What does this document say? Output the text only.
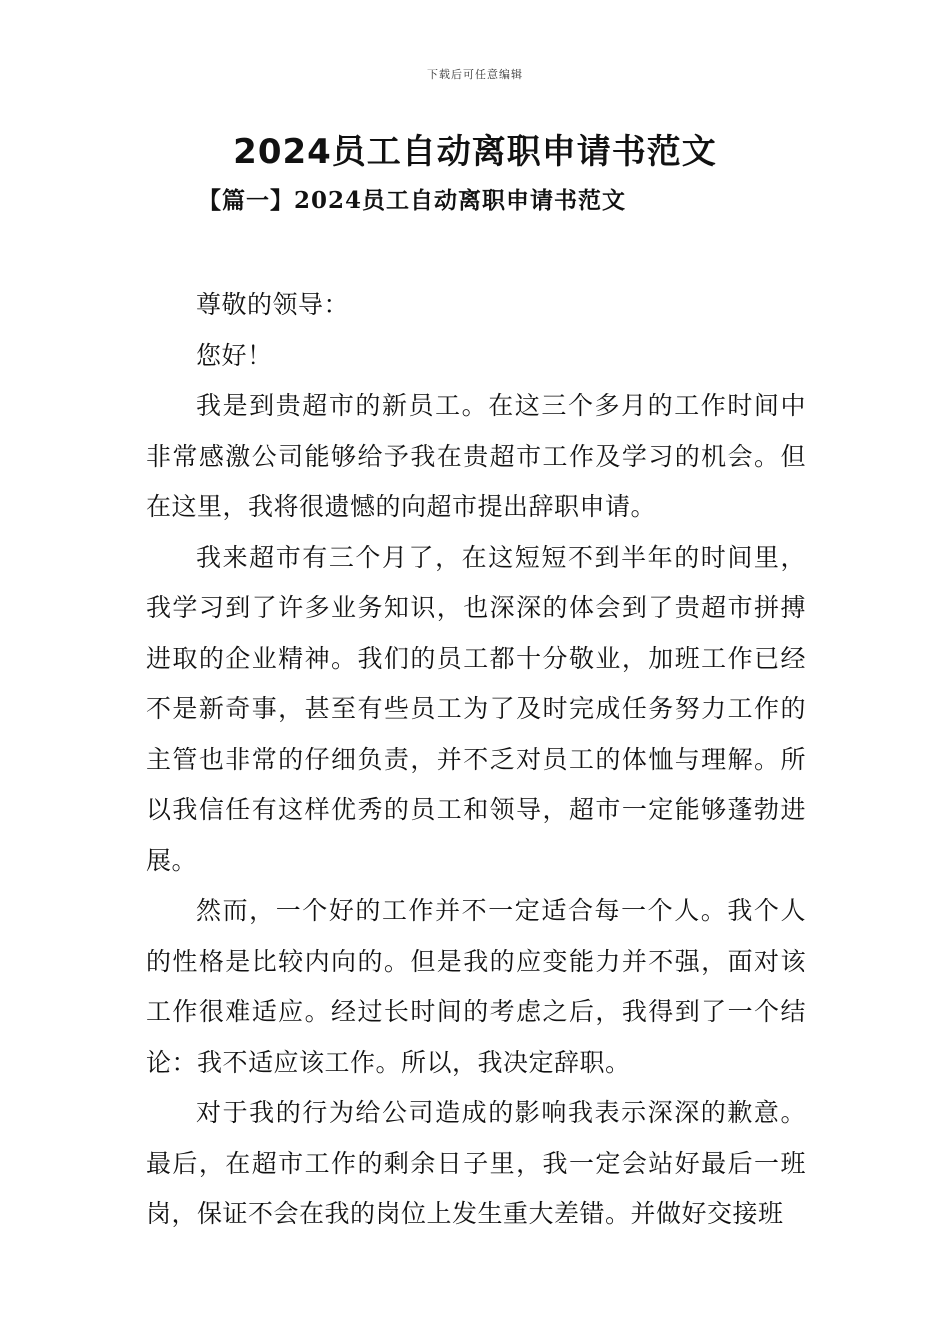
下载后可任意编辑
2024员工自动离职申请书范文
【篇一】2024员工自动离职申请书范文

尊敬的领导：

您好！

我是到贵超市的新员工。在这三个多月的工作时间中非常感激公司能够给予我在贵超市工作及学习的机会。但在这里，我将很遗憾的向超市提出辞职申请。

我来超市有三个月了，在这短短不到半年的时间里，我学习到了许多业务知识，也深深的体会到了贵超市拼搏进取的企业精神。我们的员工都十分敬业，加班工作已经不是新奇事，甚至有些员工为了及时完成任务努力工作的主管也非常的仔细负责，并不乏对员工的体恤与理解。所以我信任有这样优秀的员工和领导，超市一定能够蓬勃进展。

然而，一个好的工作并不一定适合每一个人。我个人的性格是比较内向的。但是我的应变能力并不强，面对该工作很难适应。经过长时间的考虑之后，我得到了一个结论：我不适应该工作。所以，我决定辞职。

对于我的行为给公司造成的影响我表示深深的歉意。最后，在超市工作的剩余日子里，我一定会站好最后一班岗，保证不会在我的岗位上发生重大差错。并做好交接班
